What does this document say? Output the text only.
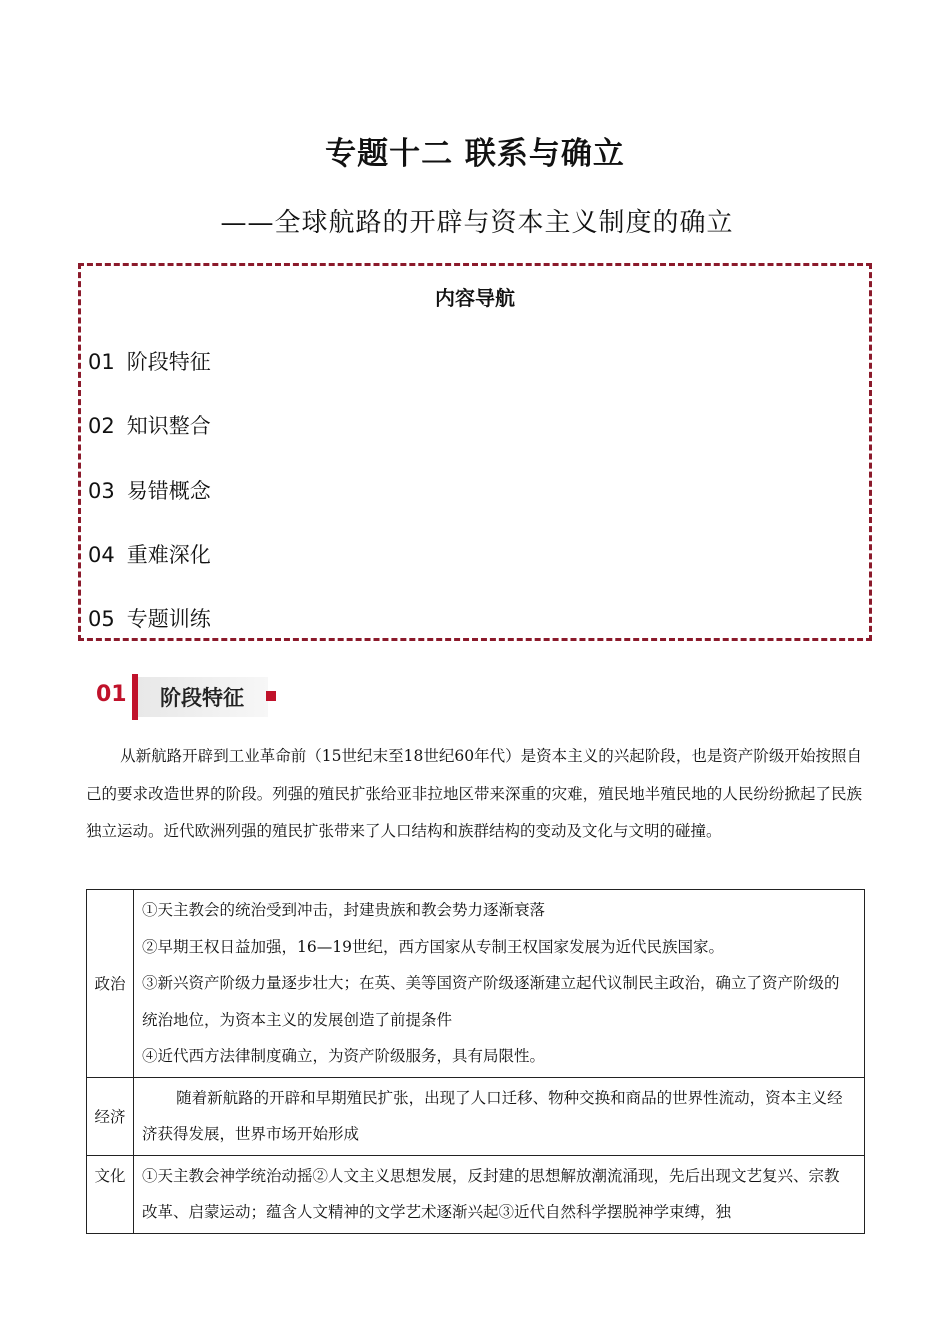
专题十二 联系与确立
——全球航路的开辟与资本主义制度的确立
内容导航
01 阶段特征
02 知识整合
03 易错概念
04 重难深化
05 专题训练
01 阶段特征
从新航路开辟到工业革命前（15世纪末至18世纪60年代）是资本主义的兴起阶段，也是资产阶级开始按照自己的要求改造世界的阶段。列强的殖民扩张给亚非拉地区带来深重的灾难，殖民地半殖民地的人民纷纷掀起了民族独立运动。近代欧洲列强的殖民扩张带来了人口结构和族群结构的变动及文化与文明的碰撞。
政治	①天主教会的统治受到冲击，封建贵族和教会势力逐渐衰落
②早期王权日益加强，16—19世纪，西方国家从专制王权国家发展为近代民族国家。
③新兴资产阶级力量逐步壮大；在英、美等国资产阶级逐渐建立起代议制民主政治，确立了资产阶级的统治地位，为资本主义的发展创造了前提条件
④近代西方法律制度确立，为资产阶级服务，具有局限性。

经济	随着新航路的开辟和早期殖民扩张，出现了人口迁移、物种交换和商品的世界性流动，资本主义经济获得发展，世界市场开始形成

文化	①天主教会神学统治动摇②人文主义思想发展，反封建的思想解放潮流涌现，先后出现文艺复兴、宗教改革、启蒙运动；蕴含人文精神的文学艺术逐渐兴起③近代自然科学摆脱神学束缚，独
